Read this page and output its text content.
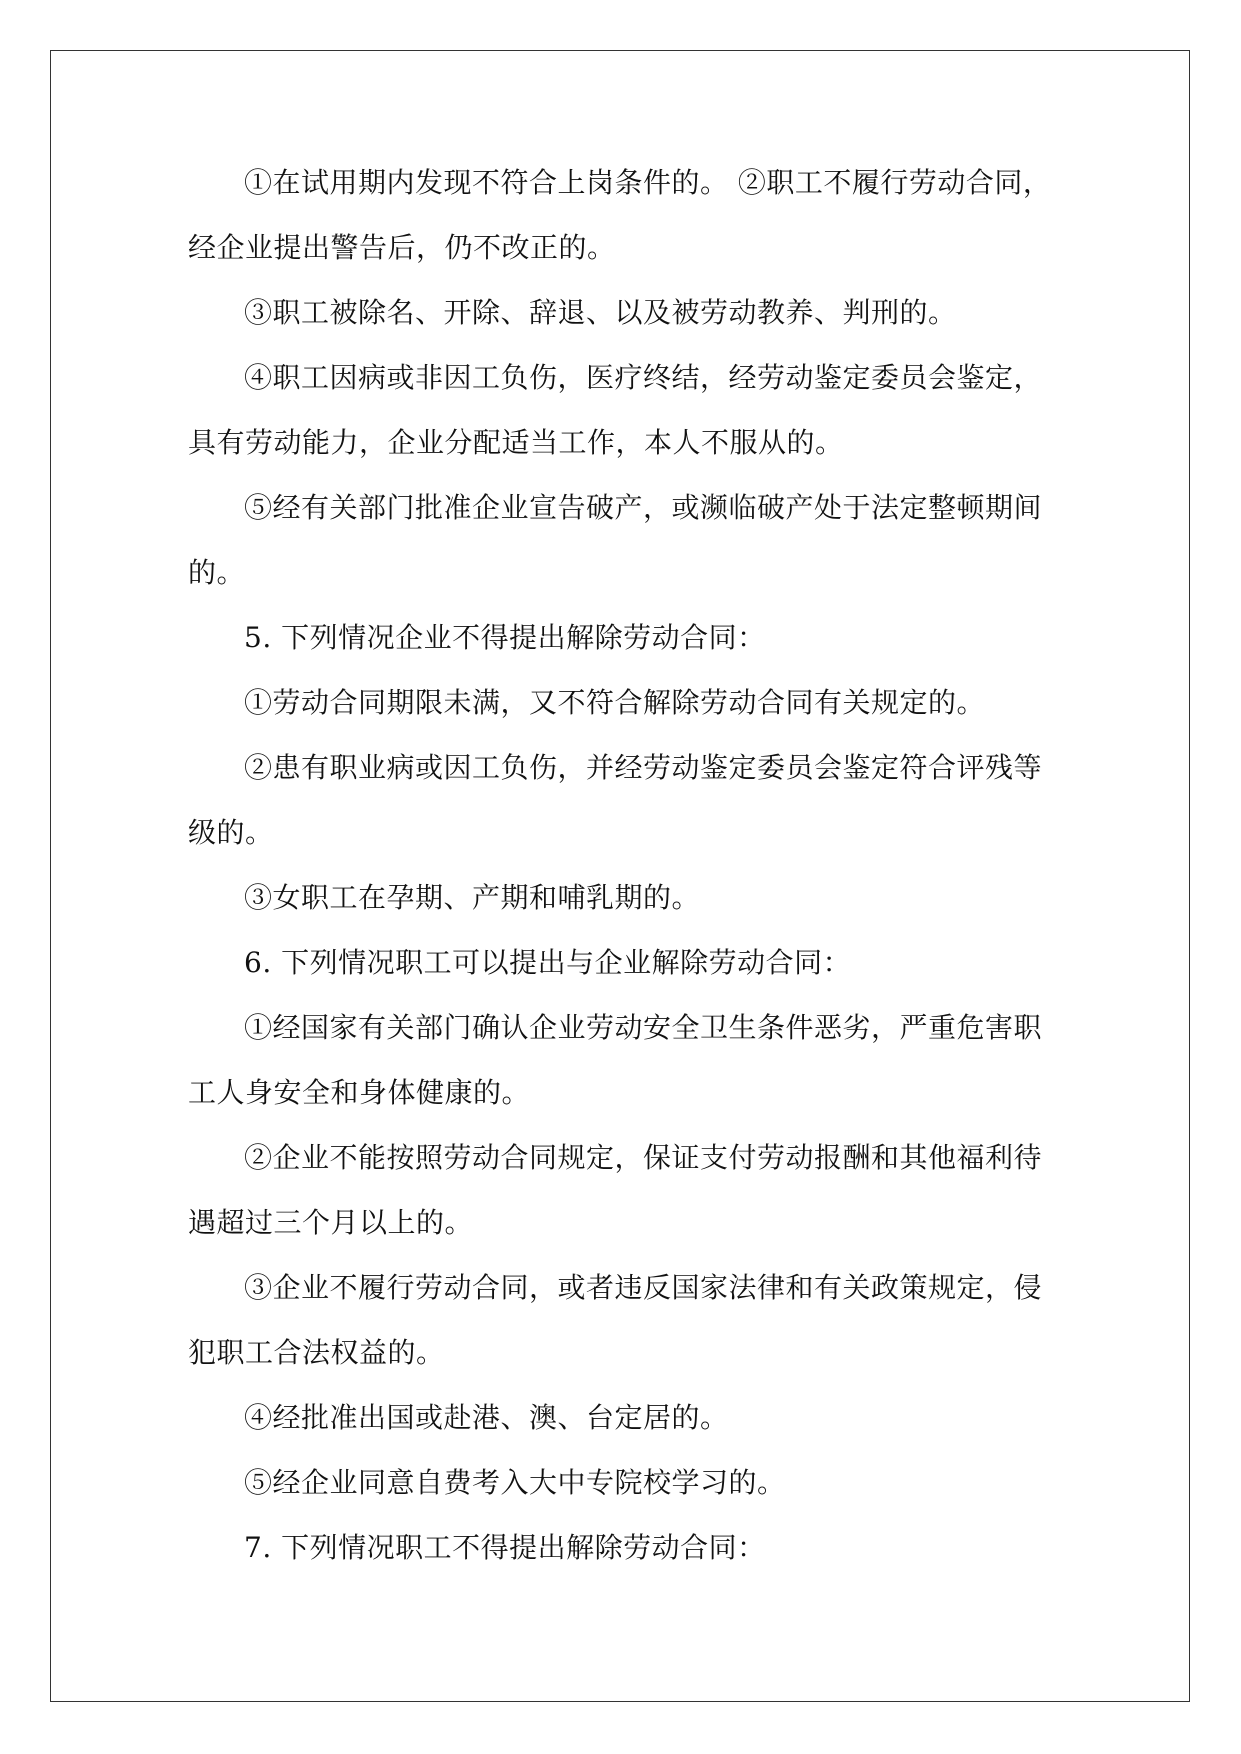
①在试用期内发现不符合上岗条件的。 ②职工不履行劳动合同，经企业提出警告后，仍不改正的。

③职工被除名、开除、辞退、以及被劳动教养、判刑的。

④职工因病或非因工负伤，医疗终结，经劳动鉴定委员会鉴定，具有劳动能力，企业分配适当工作，本人不服从的。

⑤经有关部门批准企业宣告破产，或濒临破产处于法定整顿期间的。

5. 下列情况企业不得提出解除劳动合同：

①劳动合同期限未满，又不符合解除劳动合同有关规定的。

②患有职业病或因工负伤，并经劳动鉴定委员会鉴定符合评残等级的。

③女职工在孕期、产期和哺乳期的。

6. 下列情况职工可以提出与企业解除劳动合同：

①经国家有关部门确认企业劳动安全卫生条件恶劣，严重危害职工人身安全和身体健康的。

②企业不能按照劳动合同规定，保证支付劳动报酬和其他福利待遇超过三个月以上的。

③企业不履行劳动合同，或者违反国家法律和有关政策规定，侵犯职工合法权益的。

④经批准出国或赴港、澳、台定居的。

⑤经企业同意自费考入大中专院校学习的。

7. 下列情况职工不得提出解除劳动合同：
